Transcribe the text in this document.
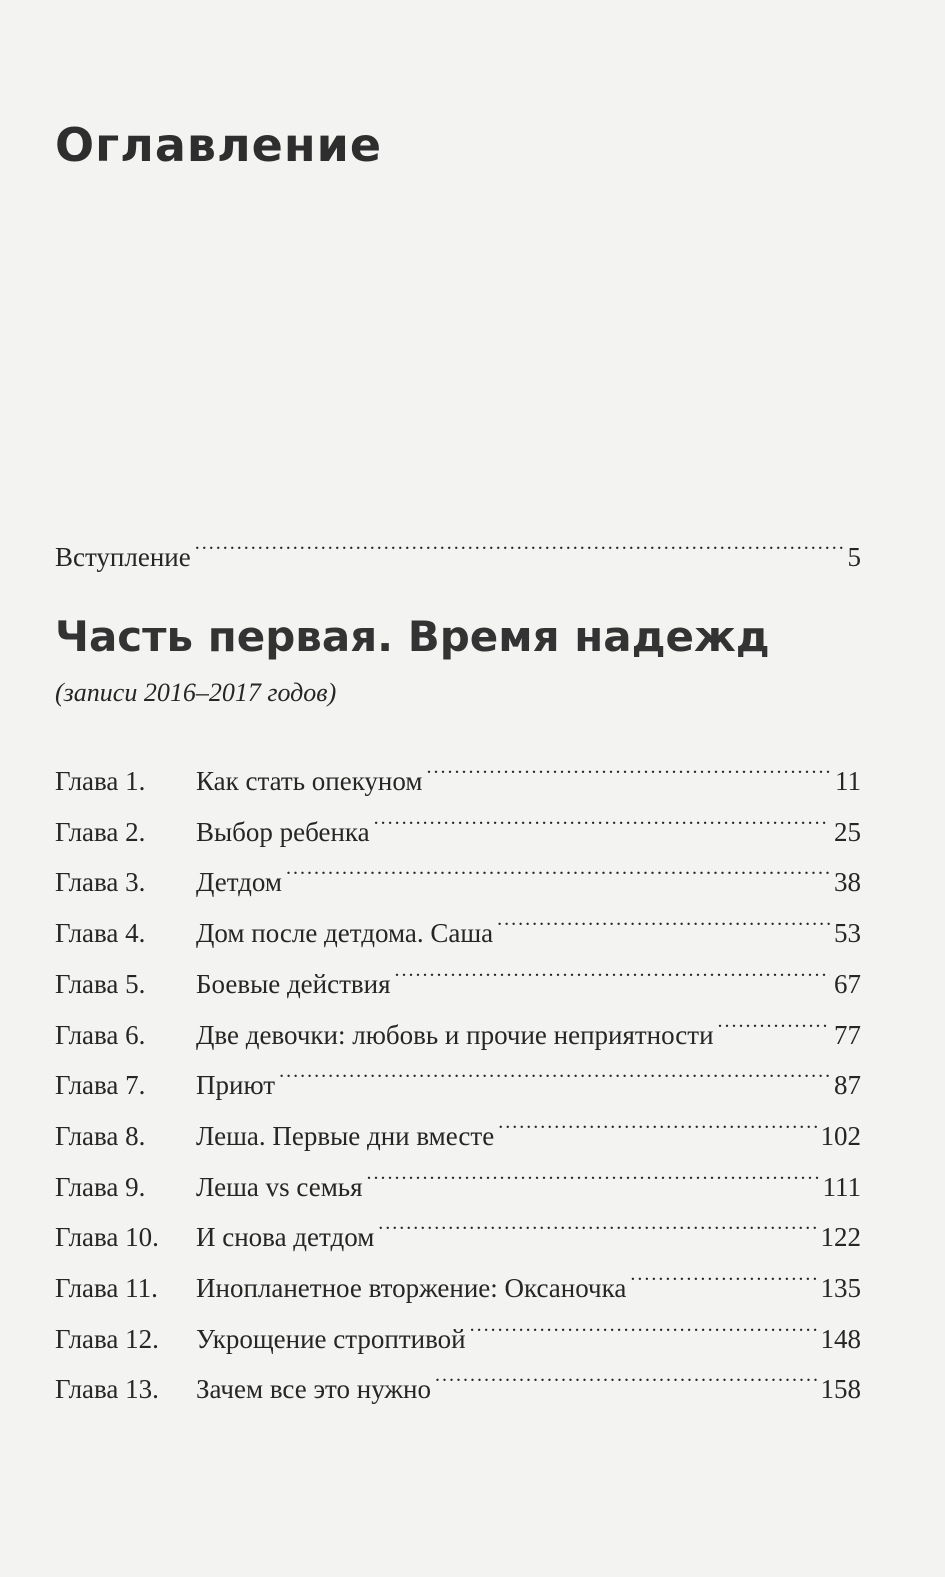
Оглавление
Вступление .....	5
Часть первая. Время надежд
(записи 2016–2017 годов)
Глава 1.	Как стать опекуном .....	11
Глава 2.	Выбор ребенка .....	25
Глава 3.	Детдом .....	38
Глава 4.	Дом после детдома. Саша .....	53
Глава 5.	Боевые действия .....	67
Глава 6.	Две девочки: любовь и прочие неприятности .....	77
Глава 7.	Приют .....	87
Глава 8.	Леша. Первые дни вместе .....	102
Глава 9.	Леша vs семья .....	111
Глава 10.	И снова детдом .....	122
Глава 11.	Инопланетное вторжение: Оксаночка .....	135
Глава 12.	Укрощение строптивой .....	148
Глава 13.	Зачем все это нужно .....	158
